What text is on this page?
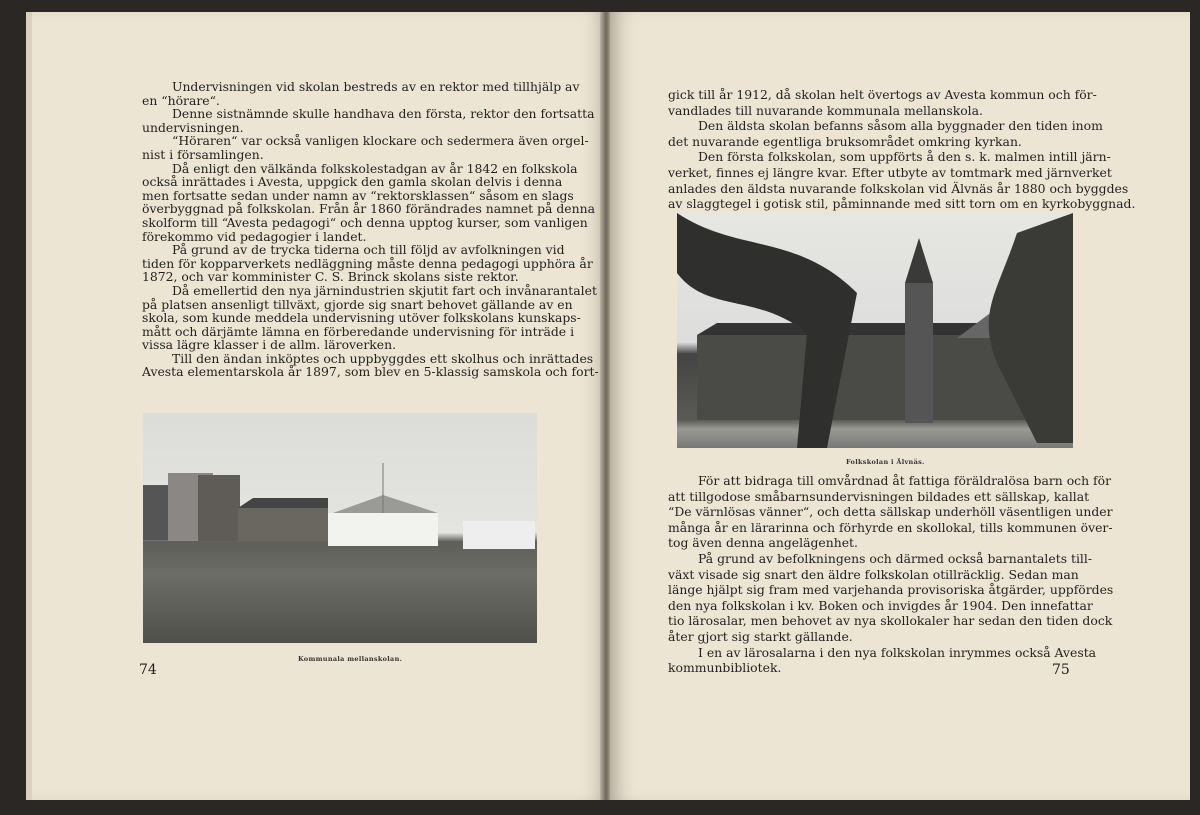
Undervisningen vid skolan bestreds av en rektor med tillhjälp av
en “hörare“.
Denne sistnämnde skulle handhava den första, rektor den fortsatta
undervisningen.
“Höraren“ var också vanligen klockare och sedermera även orgel-
nist i församlingen.
Då enligt den välkända folkskolestadgan av år 1842 en folkskola
också inrättades i Avesta, uppgick den gamla skolan delvis i denna
men fortsatte sedan under namn av “rektorsklassen“ såsom en slags
överbyggnad på folkskolan. Från år 1860 förändrades namnet på denna
skolform till “Avesta pedagogi“ och denna upptog kurser, som vanligen
förekommo vid pedagogier i landet.
På grund av de trycka tiderna och till följd av avfolkningen vid
tiden för kopparverkets nedläggning måste denna pedagogi upphöra år
1872, och var komminister C. S. Brinck skolans siste rektor.
Då emellertid den nya järnindustrien skjutit fart och invånarantalet
på platsen ansenligt tillväxt, gjorde sig snart behovet gällande av en
skola, som kunde meddela undervisning utöver folkskolans kunskaps-
mått och därjämte lämna en förberedande undervisning för inträde i
vissa lägre klasser i de allm. läroverken.
Till den ändan inköptes och uppbyggdes ett skolhus och inrättades
Avesta elementarskola år 1897, som blev en 5-klassig samskola och fort-
Kommunala mellanskolan.
74
gick till år 1912, då skolan helt övertogs av Avesta kommun och för-
vandlades till nuvarande kommunala mellanskola.
Den äldsta skolan befanns såsom alla byggnader den tiden inom
det nuvarande egentliga bruksområdet omkring kyrkan.
Den första folkskolan, som uppförts å den s. k. malmen intill järn-
verket, finnes ej längre kvar. Efter utbyte av tomtmark med järnverket
anlades den äldsta nuvarande folkskolan vid Älvnäs år 1880 och byggdes
av slaggtegel i gotisk stil, påminnande med sitt torn om en kyrkobyggnad.
Folkskolan i Älvnäs.
För att bidraga till omvårdnad åt fattiga föräldralösa barn och för
att tillgodose småbarnsundervisningen bildades ett sällskap, kallat
“De värnlösas vänner“, och detta sällskap underhöll väsentligen under
många år en lärarinna och förhyrde en skollokal, tills kommunen över-
tog även denna angelägenhet.
På grund av befolkningens och därmed också barnantalets till-
växt visade sig snart den äldre folkskolan otillräcklig. Sedan man
länge hjälpt sig fram med varjehanda provisoriska åtgärder, uppfördes
den nya folkskolan i kv. Boken och invigdes år 1904. Den innefattar
tio lärosalar, men behovet av nya skollokaler har sedan den tiden dock
åter gjort sig starkt gällande.
I en av lärosalarna i den nya folkskolan inrymmes också Avesta
kommunbibliotek.	75
